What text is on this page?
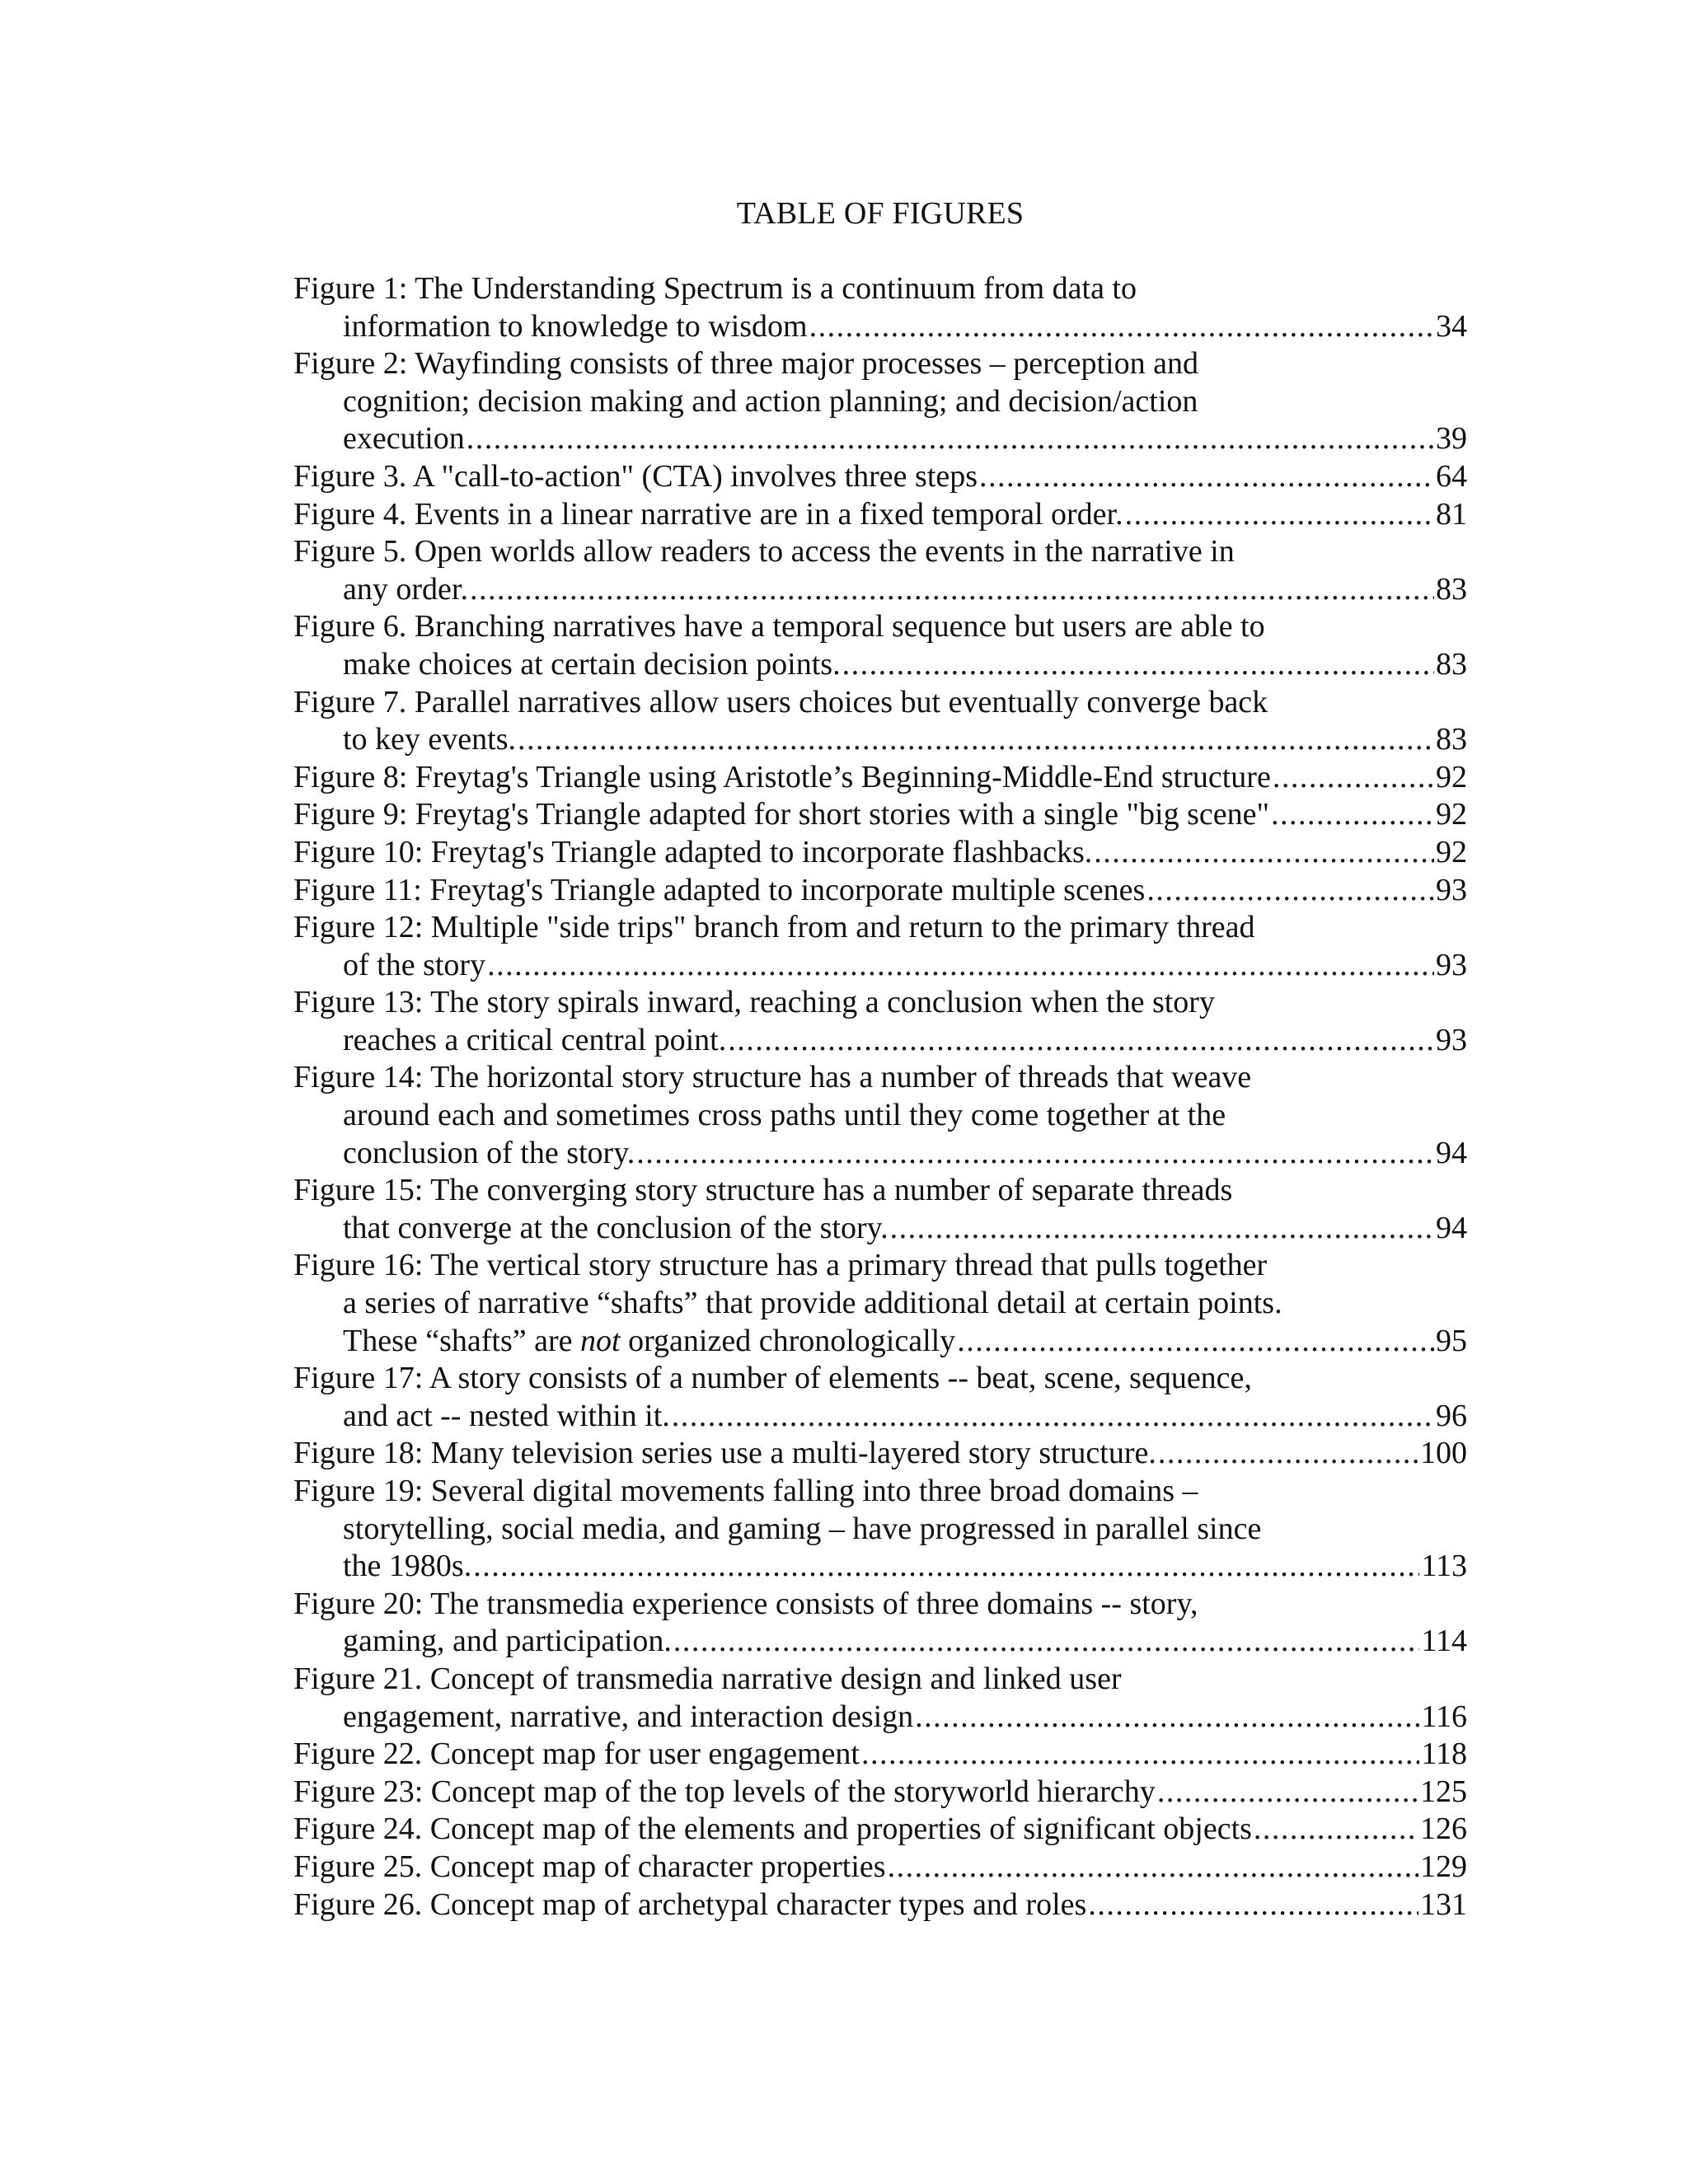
TABLE OF FIGURES
Figure 1: The Understanding Spectrum is a continuum from data to
information to knowledge to wisdom .....	34
Figure 2: Wayfinding consists of three major processes – perception and
cognition; decision making and action planning; and decision/action
execution .....	39
Figure 3. A "call-to-action" (CTA) involves three steps .....	64
Figure 4. Events in a linear narrative are in a fixed temporal order. .....	81
Figure 5. Open worlds allow readers to access the events in the narrative in
any order. .....	83
Figure 6. Branching narratives have a temporal sequence but users are able to
make choices at certain decision points. .....	83
Figure 7. Parallel narratives allow users choices but eventually converge back
to key events. .....	83
Figure 8: Freytag's Triangle using Aristotle’s Beginning-Middle-End structure .....	92
Figure 9: Freytag's Triangle adapted for short stories with a single "big scene" .....	92
Figure 10: Freytag's Triangle adapted to incorporate flashbacks. .....	92
Figure 11: Freytag's Triangle adapted to incorporate multiple scenes .....	93
Figure 12: Multiple "side trips" branch from and return to the primary thread
of the story .....	93
Figure 13: The story spirals inward, reaching a conclusion when the story
reaches a critical central point. .....	93
Figure 14: The horizontal story structure has a number of threads that weave
around each and sometimes cross paths until they come together at the
conclusion of the story. .....	94
Figure 15: The converging story structure has a number of separate threads
that converge at the conclusion of the story. .....	94
Figure 16: The vertical story structure has a primary thread that pulls together
a series of narrative “shafts” that provide additional detail at certain points.
These “shafts” are not organized chronologically .....	95
Figure 17: A story consists of a number of elements -- beat, scene, sequence,
and act -- nested within it. .....	96
Figure 18: Many television series use a multi-layered story structure. .....	100
Figure 19: Several digital movements falling into three broad domains –
storytelling, social media, and gaming – have progressed in parallel since
the 1980s. .....	113
Figure 20: The transmedia experience consists of three domains -- story,
gaming, and participation. .....	114
Figure 21. Concept of transmedia narrative design and linked user
engagement, narrative, and interaction design .....	116
Figure 22. Concept map for user engagement .....	118
Figure 23: Concept map of the top levels of the storyworld hierarchy .....	125
Figure 24. Concept map of the elements and properties of significant objects .....	126
Figure 25. Concept map of character properties .....	129
Figure 26. Concept map of archetypal character types and roles .....	131
